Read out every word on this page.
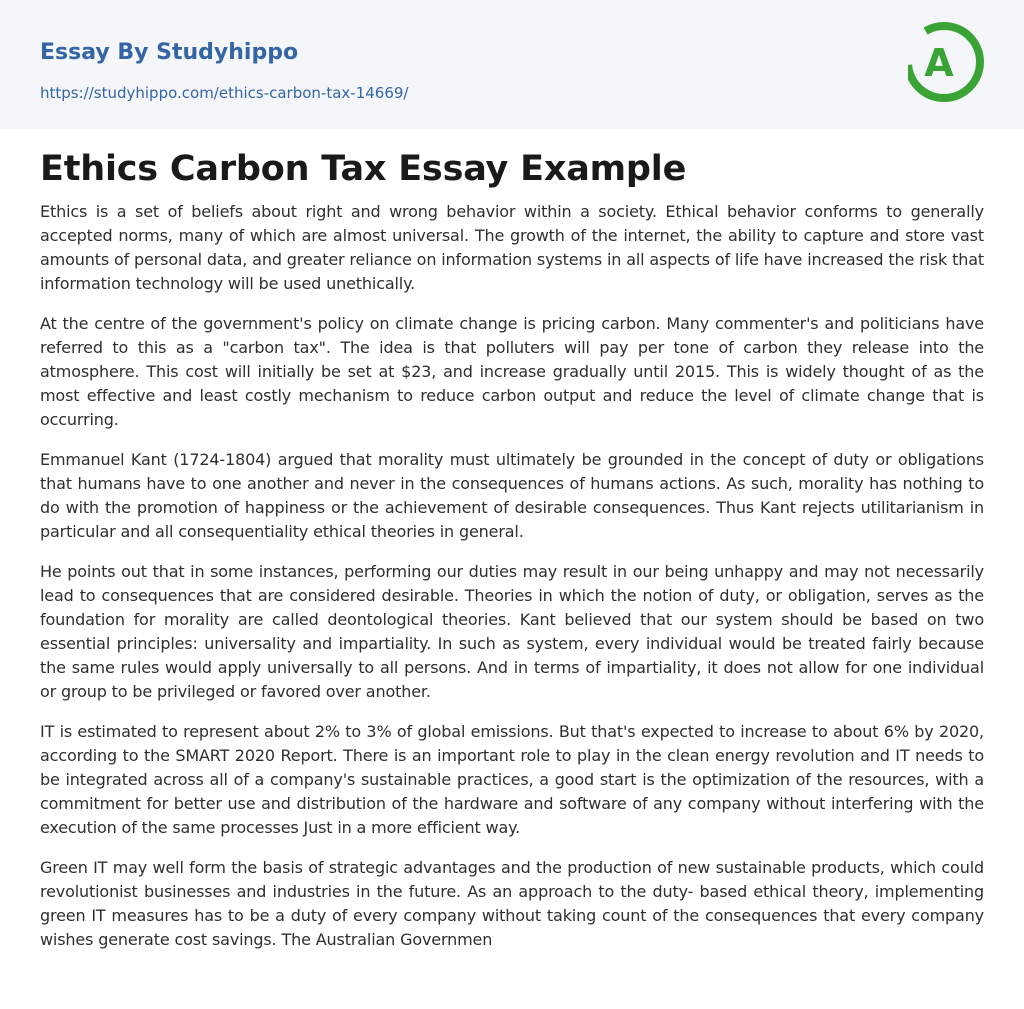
Essay By Studyhippo
https://studyhippo.com/ethics-carbon-tax-14669/
A
Ethics Carbon Tax Essay Example

Ethics is a set of beliefs about right and wrong behavior within a society. Ethical behavior conforms to generally accepted norms, many of which are almost universal. The growth of the internet, the ability to capture and store vast amounts of personal data, and greater reliance on information systems in all aspects of life have increased the risk that information technology will be used unethically.

At the centre of the government's policy on climate change is pricing carbon. Many commenter's and politicians have referred to this as a "carbon tax". The idea is that polluters will pay per tone of carbon they release into the atmosphere. This cost will initially be set at $23, and increase gradually until 2015. This is widely thought of as the most effective and least costly mechanism to reduce carbon output and reduce the level of climate change that is occurring.

Emmanuel Kant (1724-1804) argued that morality must ultimately be grounded in the concept of duty or obligations that humans have to one another and never in the consequences of humans actions. As such, morality has nothing to do with the promotion of happiness or the achievement of desirable consequences. Thus Kant rejects utilitarianism in particular and all consequentiality ethical theories in general.

He points out that in some instances, performing our duties may result in our being unhappy and may not necessarily lead to consequences that are considered desirable. Theories in which the notion of duty, or obligation, serves as the foundation for morality are called deontological theories. Kant believed that our system should be based on two essential principles: universality and impartiality. In such as system, every individual would be treated fairly because the same rules would apply universally to all persons. And in terms of impartiality, it does not allow for one individual or group to be privileged or favored over another.

IT is estimated to represent about 2% to 3% of global emissions. But that's expected to increase to about 6% by 2020, according to the SMART 2020 Report. There is an important role to play in the clean energy revolution and IT needs to be integrated across all of a company's sustainable practices, a good start is the optimization of the resources, with a commitment for better use and distribution of the hardware and software of any company without interfering with the execution of the same processes Just in a more efficient way.

Green IT may well form the basis of strategic advantages and the production of new sustainable products, which could revolutionist businesses and industries in the future. As an approach to the duty- based ethical theory, implementing green IT measures has to be a duty of every company without taking count of the consequences that every company wishes generate cost savings. The Australian Governmen
